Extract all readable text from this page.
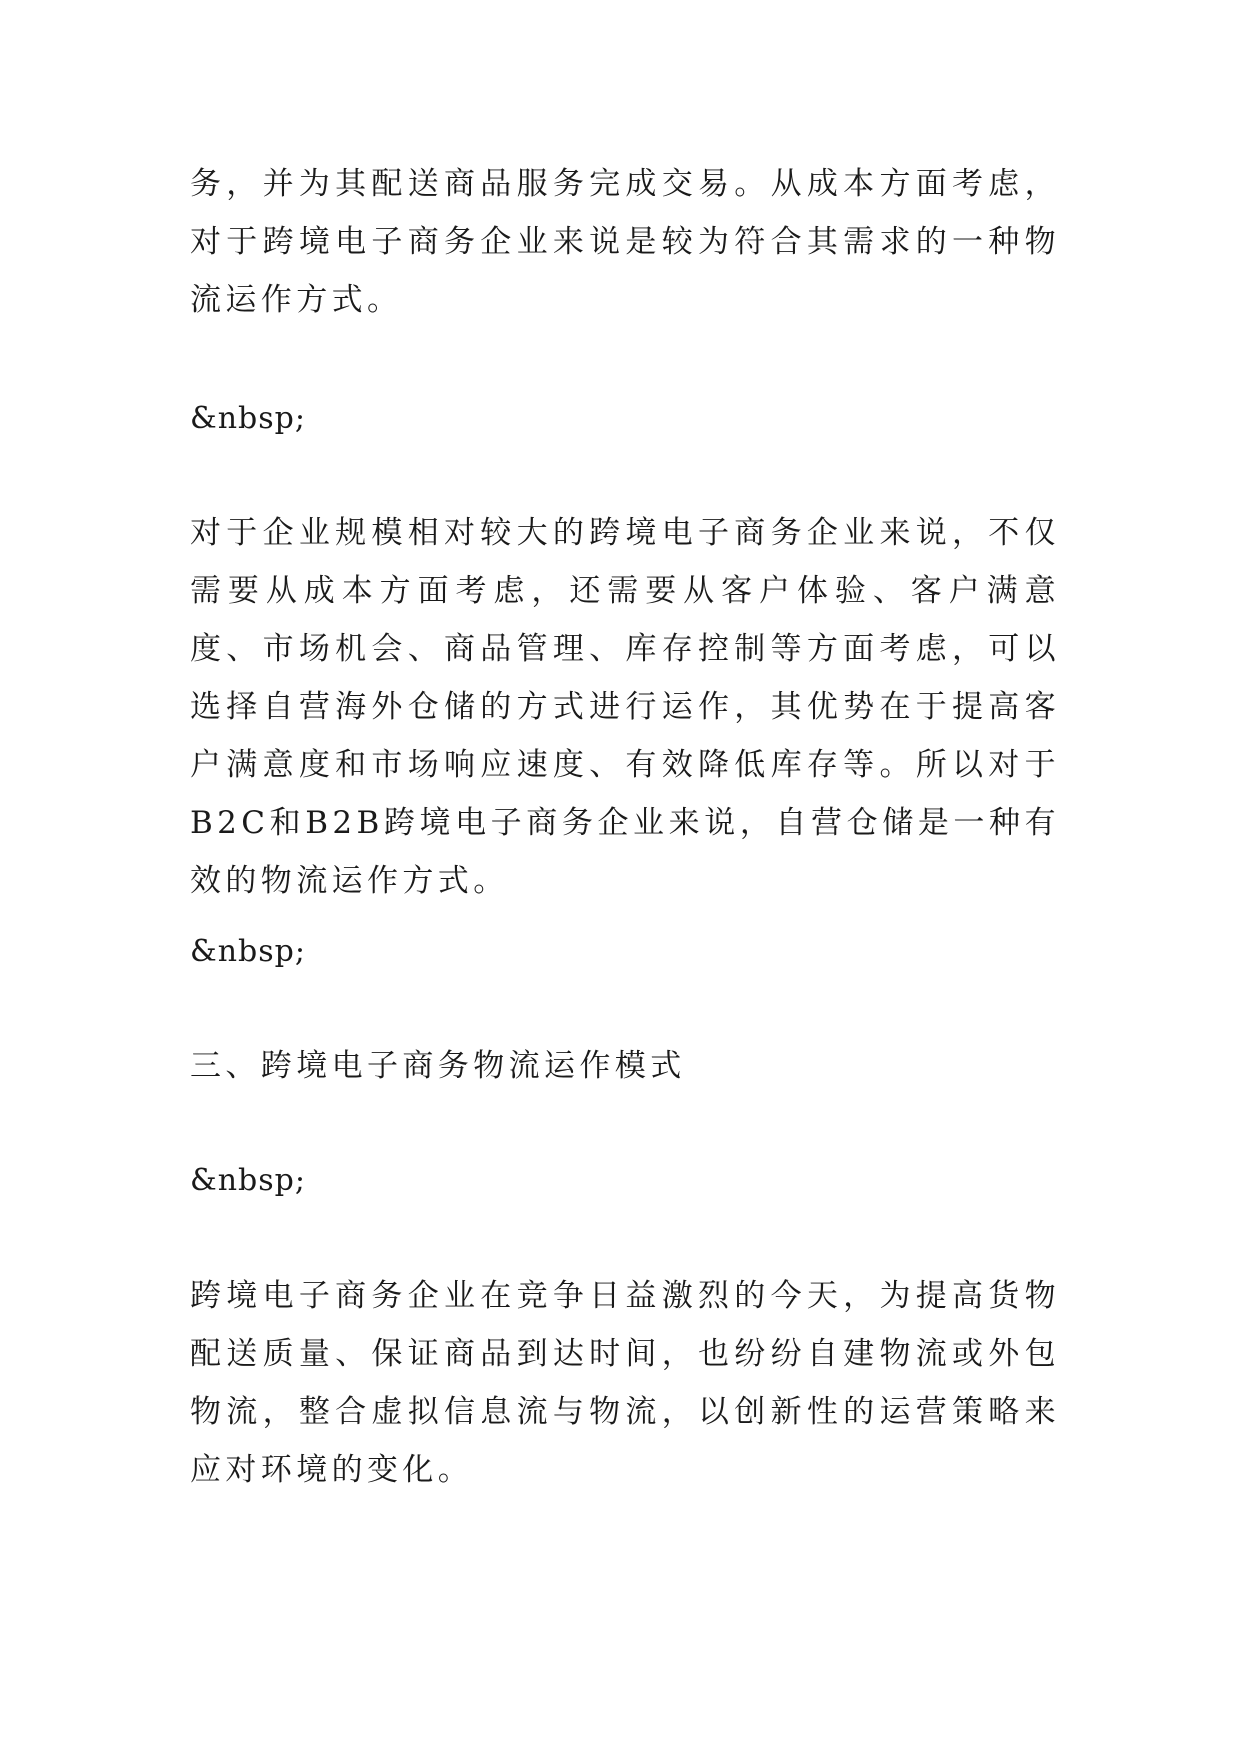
务，并为其配送商品服务完成交易。从成本方面考虑，对于跨境电子商务企业来说是较为符合其需求的一种物流运作方式。

&nbsp;

对于企业规模相对较大的跨境电子商务企业来说，不仅需要从成本方面考虑，还需要从客户体验、客户满意度、市场机会、商品管理、库存控制等方面考虑，可以选择自营海外仓储的方式进行运作，其优势在于提高客户满意度和市场响应速度、有效降低库存等。所以对于B2C和B2B跨境电子商务企业来说，自营仓储是一种有效的物流运作方式。

&nbsp;

三、跨境电子商务物流运作模式

&nbsp;

跨境电子商务企业在竞争日益激烈的今天，为提高货物配送质量、保证商品到达时间，也纷纷自建物流或外包物流，整合虚拟信息流与物流，以创新性的运营策略来应对环境的变化。
